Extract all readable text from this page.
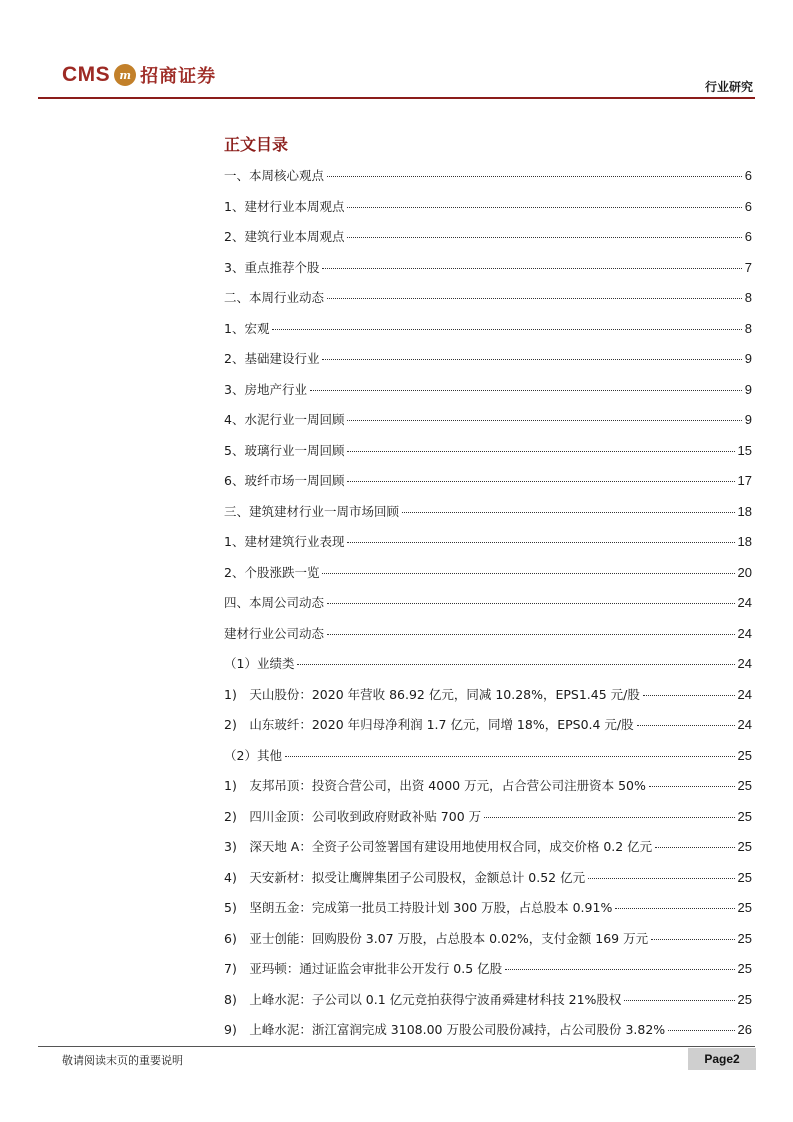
CMS m 招商证券	行业研究
正文目录
一、本周核心观点	6
1、建材行业本周观点	6
2、建筑行业本周观点	6
3、重点推荐个股	7
二、本周行业动态	8
1、宏观	8
2、基础建设行业	9
3、房地产行业	9
4、水泥行业一周回顾	9
5、玻璃行业一周回顾	15
6、玻纤市场一周回顾	17
三、建筑建材行业一周市场回顾	18
1、建材建筑行业表现	18
2、个股涨跌一览	20
四、本周公司动态	24
建材行业公司动态	24
（1）业绩类	24
1)　天山股份：2020 年营收 86.92 亿元，同减 10.28%，EPS1.45 元/股	24
2)　山东玻纤：2020 年归母净利润 1.7 亿元，同增 18%，EPS0.4 元/股	24
（2）其他	25
1)　友邦吊顶：投资合营公司，出资 4000 万元，占合营公司注册资本 50%	25
2)　四川金顶：公司收到政府财政补贴 700 万	25
3)　深天地 A：全资子公司签署国有建设用地使用权合同，成交价格 0.2 亿元	25
4)　天安新材：拟受让鹰牌集团子公司股权，金额总计 0.52 亿元	25
5)　坚朗五金：完成第一批员工持股计划 300 万股，占总股本 0.91%	25
6)　亚士创能：回购股份 3.07 万股，占总股本 0.02%，支付金额 169 万元	25
7)　亚玛顿：通过证监会审批非公开发行 0.5 亿股	25
8)　上峰水泥：子公司以 0.1 亿元竞拍获得宁波甬舜建材科技 21%股权	25
9)　上峰水泥：浙江富润完成 3108.00 万股公司股份减持，占公司股份 3.82%	26
敬请阅读末页的重要说明	Page2
